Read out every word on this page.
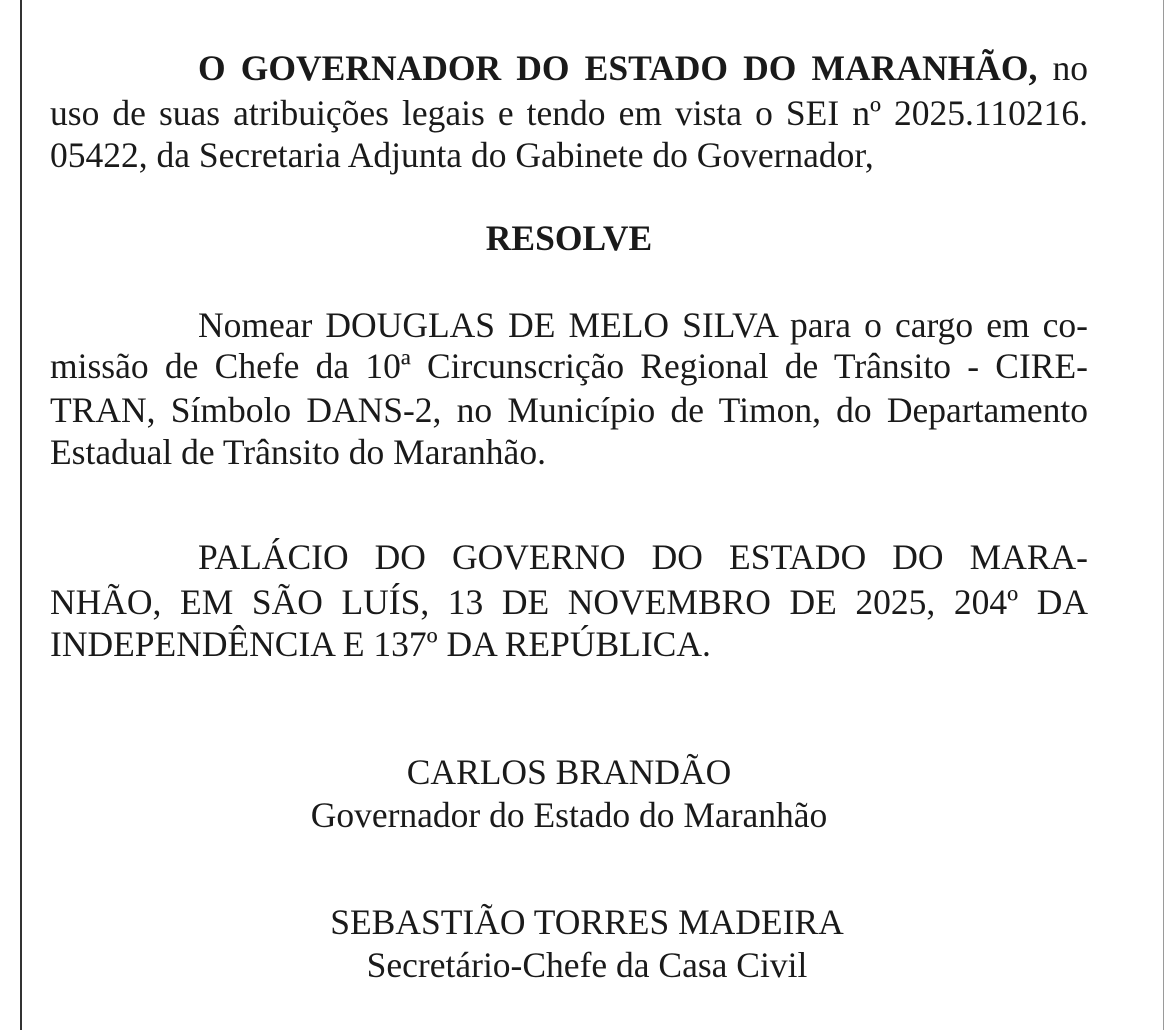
O GOVERNADOR DO ESTADO DO MARANHÃO, no
uso de suas atribuições legais e tendo em vista o SEI nº 2025.110216.
05422, da Secretaria Adjunta do Gabinete do Governador,
RESOLVE
Nomear DOUGLAS DE MELO SILVA para o cargo em co-
missão de Chefe da 10ª Circunscrição Regional de Trânsito - CIRE-
TRAN, Símbolo DANS-2, no Município de Timon, do Departamento
Estadual de Trânsito do Maranhão.
PALÁCIO DO GOVERNO DO ESTADO DO MARA-
NHÃO, EM SÃO LUÍS, 13 DE NOVEMBRO DE 2025, 204º DA
INDEPENDÊNCIA E 137º DA REPÚBLICA.
CARLOS BRANDÃO
Governador do Estado do Maranhão
SEBASTIÃO TORRES MADEIRA
Secretário-Chefe da Casa Civil
